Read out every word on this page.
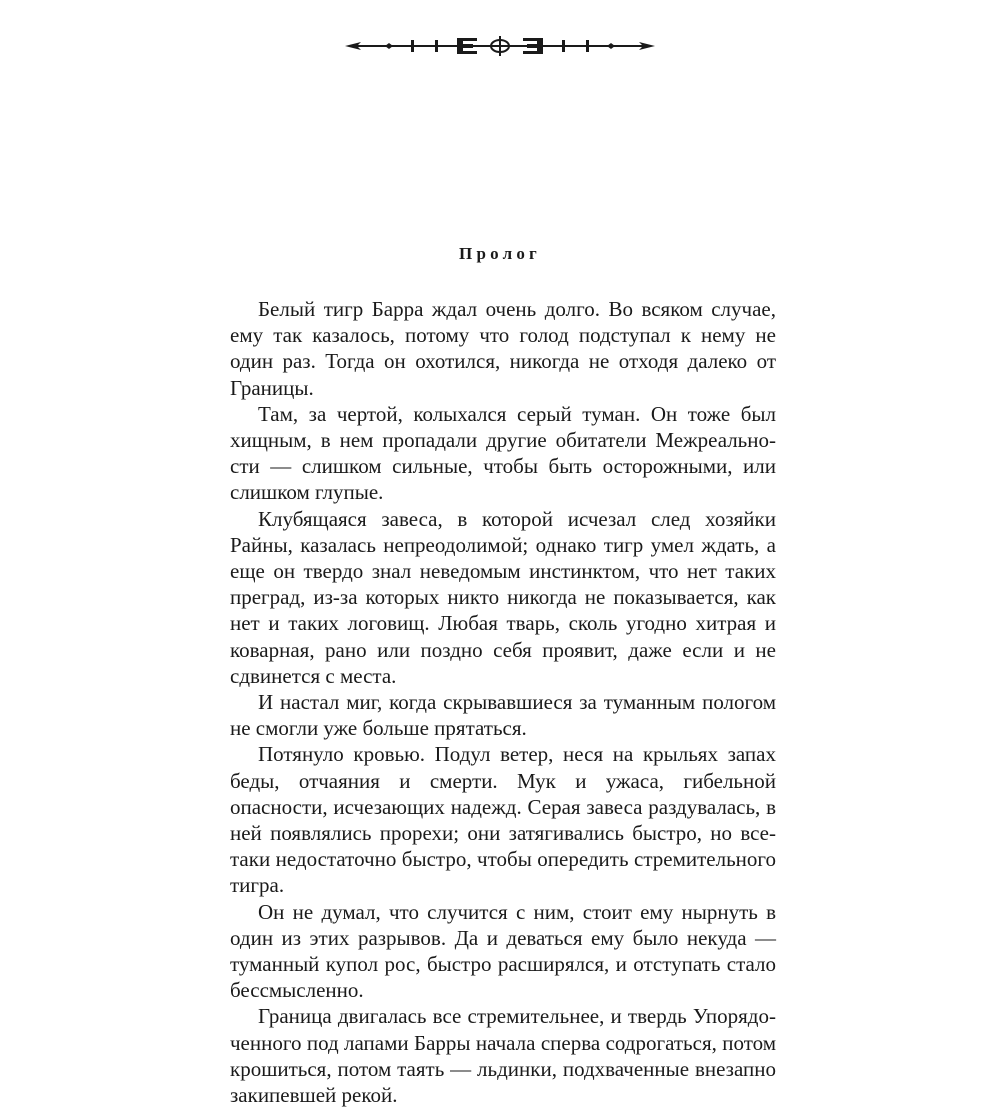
Пролог

Белый тигр Барра ждал очень долго. Во всяком случае, ему так казалось, потому что голод подступал к нему не один раз. Тогда он охотился, никогда не отходя далеко от Границы.

Там, за чертой, колыхался серый туман. Он тоже был хищным, в нем пропадали другие обитатели Межреальности — слишком сильные, чтобы быть осторожными, или слишком глупые.

Клубящаяся завеса, в которой исчезал след хозяйки Райны, казалась непреодолимой; однако тигр умел ждать, а еще он твердо знал неведомым инстинктом, что нет таких преград, из-за которых никто никогда не показывается, как нет и таких логовищ. Любая тварь, сколь угодно хитрая и коварная, рано или поздно себя проявит, даже если и не сдвинется с места.

И настал миг, когда скрывавшиеся за туманным пологом не смогли уже больше прятаться.

Потянуло кровью. Подул ветер, неся на крыльях запах беды, отчаяния и смерти. Мук и ужаса, гибельной опасности, исчезающих надежд. Серая завеса раздувалась, в ней появлялись прорехи; они затягивались быстро, но все-таки недостаточно быстро, чтобы опередить стремительного тигра.

Он не думал, что случится с ним, стоит ему нырнуть в один из этих разрывов. Да и деваться ему было некуда — туманный купол рос, быстро расширялся, и отступать стало бессмысленно.

Граница двигалась все стремительнее, и твердь Упорядоченного под лапами Барры начала сперва содрогаться, потом крошиться, потом таять — льдинки, подхваченные внезапно закипевшей рекой.
